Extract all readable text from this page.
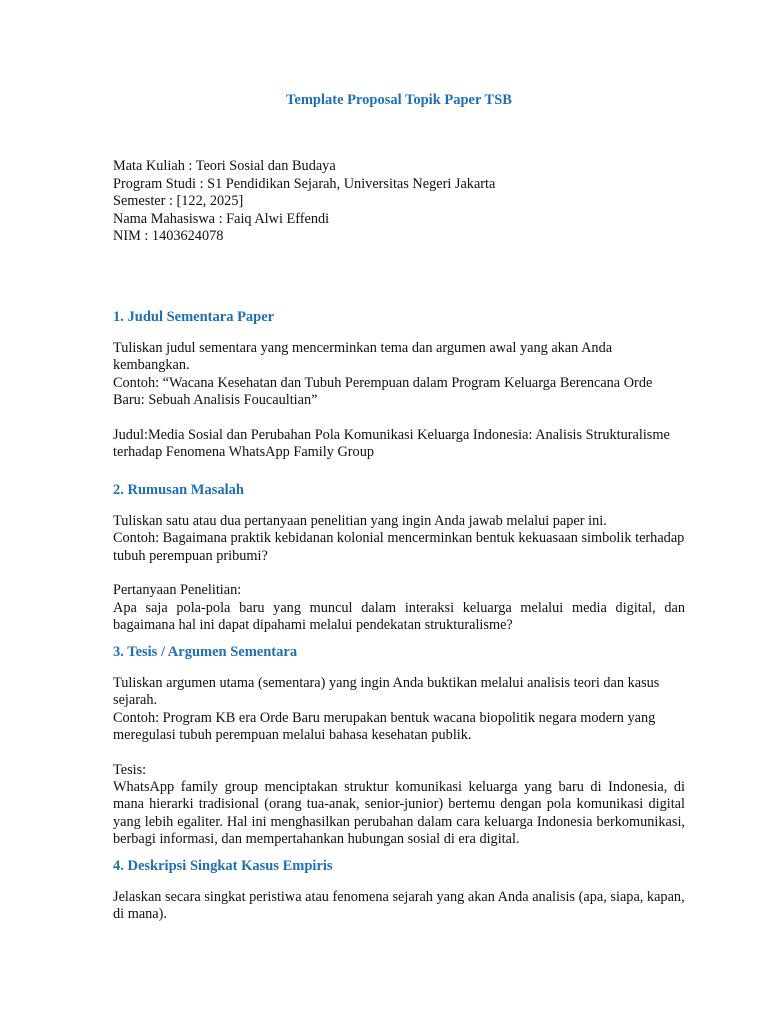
Template Proposal Topik Paper TSB
Mata Kuliah : Teori Sosial dan Budaya
Program Studi : S1 Pendidikan Sejarah, Universitas Negeri Jakarta
Semester : [122, 2025]
Nama Mahasiswa : Faiq Alwi Effendi
NIM : 1403624078
1. Judul Sementara Paper

Tuliskan judul sementara yang mencerminkan tema dan argumen awal yang akan Anda kembangkan.

Contoh: “Wacana Kesehatan dan Tubuh Perempuan dalam Program Keluarga Berencana Orde Baru: Sebuah Analisis Foucaultian”

Judul:Media Sosial dan Perubahan Pola Komunikasi Keluarga Indonesia: Analisis Strukturalisme terhadap Fenomena WhatsApp Family Group

2. Rumusan Masalah

Tuliskan satu atau dua pertanyaan penelitian yang ingin Anda jawab melalui paper ini.

Contoh: Bagaimana praktik kebidanan kolonial mencerminkan bentuk kekuasaan simbolik terhadap tubuh perempuan pribumi?

Pertanyaan Penelitian:

Apa saja pola-pola baru yang muncul dalam interaksi keluarga melalui media digital, dan bagaimana hal ini dapat dipahami melalui pendekatan strukturalisme?

3. Tesis / Argumen Sementara

Tuliskan argumen utama (sementara) yang ingin Anda buktikan melalui analisis teori dan kasus sejarah.

Contoh: Program KB era Orde Baru merupakan bentuk wacana biopolitik negara modern yang meregulasi tubuh perempuan melalui bahasa kesehatan publik.

Tesis:

WhatsApp family group menciptakan struktur komunikasi keluarga yang baru di Indonesia, di mana hierarki tradisional (orang tua-anak, senior-junior) bertemu dengan pola komunikasi digital yang lebih egaliter. Hal ini menghasilkan perubahan dalam cara keluarga Indonesia berkomunikasi, berbagi informasi, dan mempertahankan hubungan sosial di era digital.

4. Deskripsi Singkat Kasus Empiris

Jelaskan secara singkat peristiwa atau fenomena sejarah yang akan Anda analisis (apa, siapa, kapan, di mana).
